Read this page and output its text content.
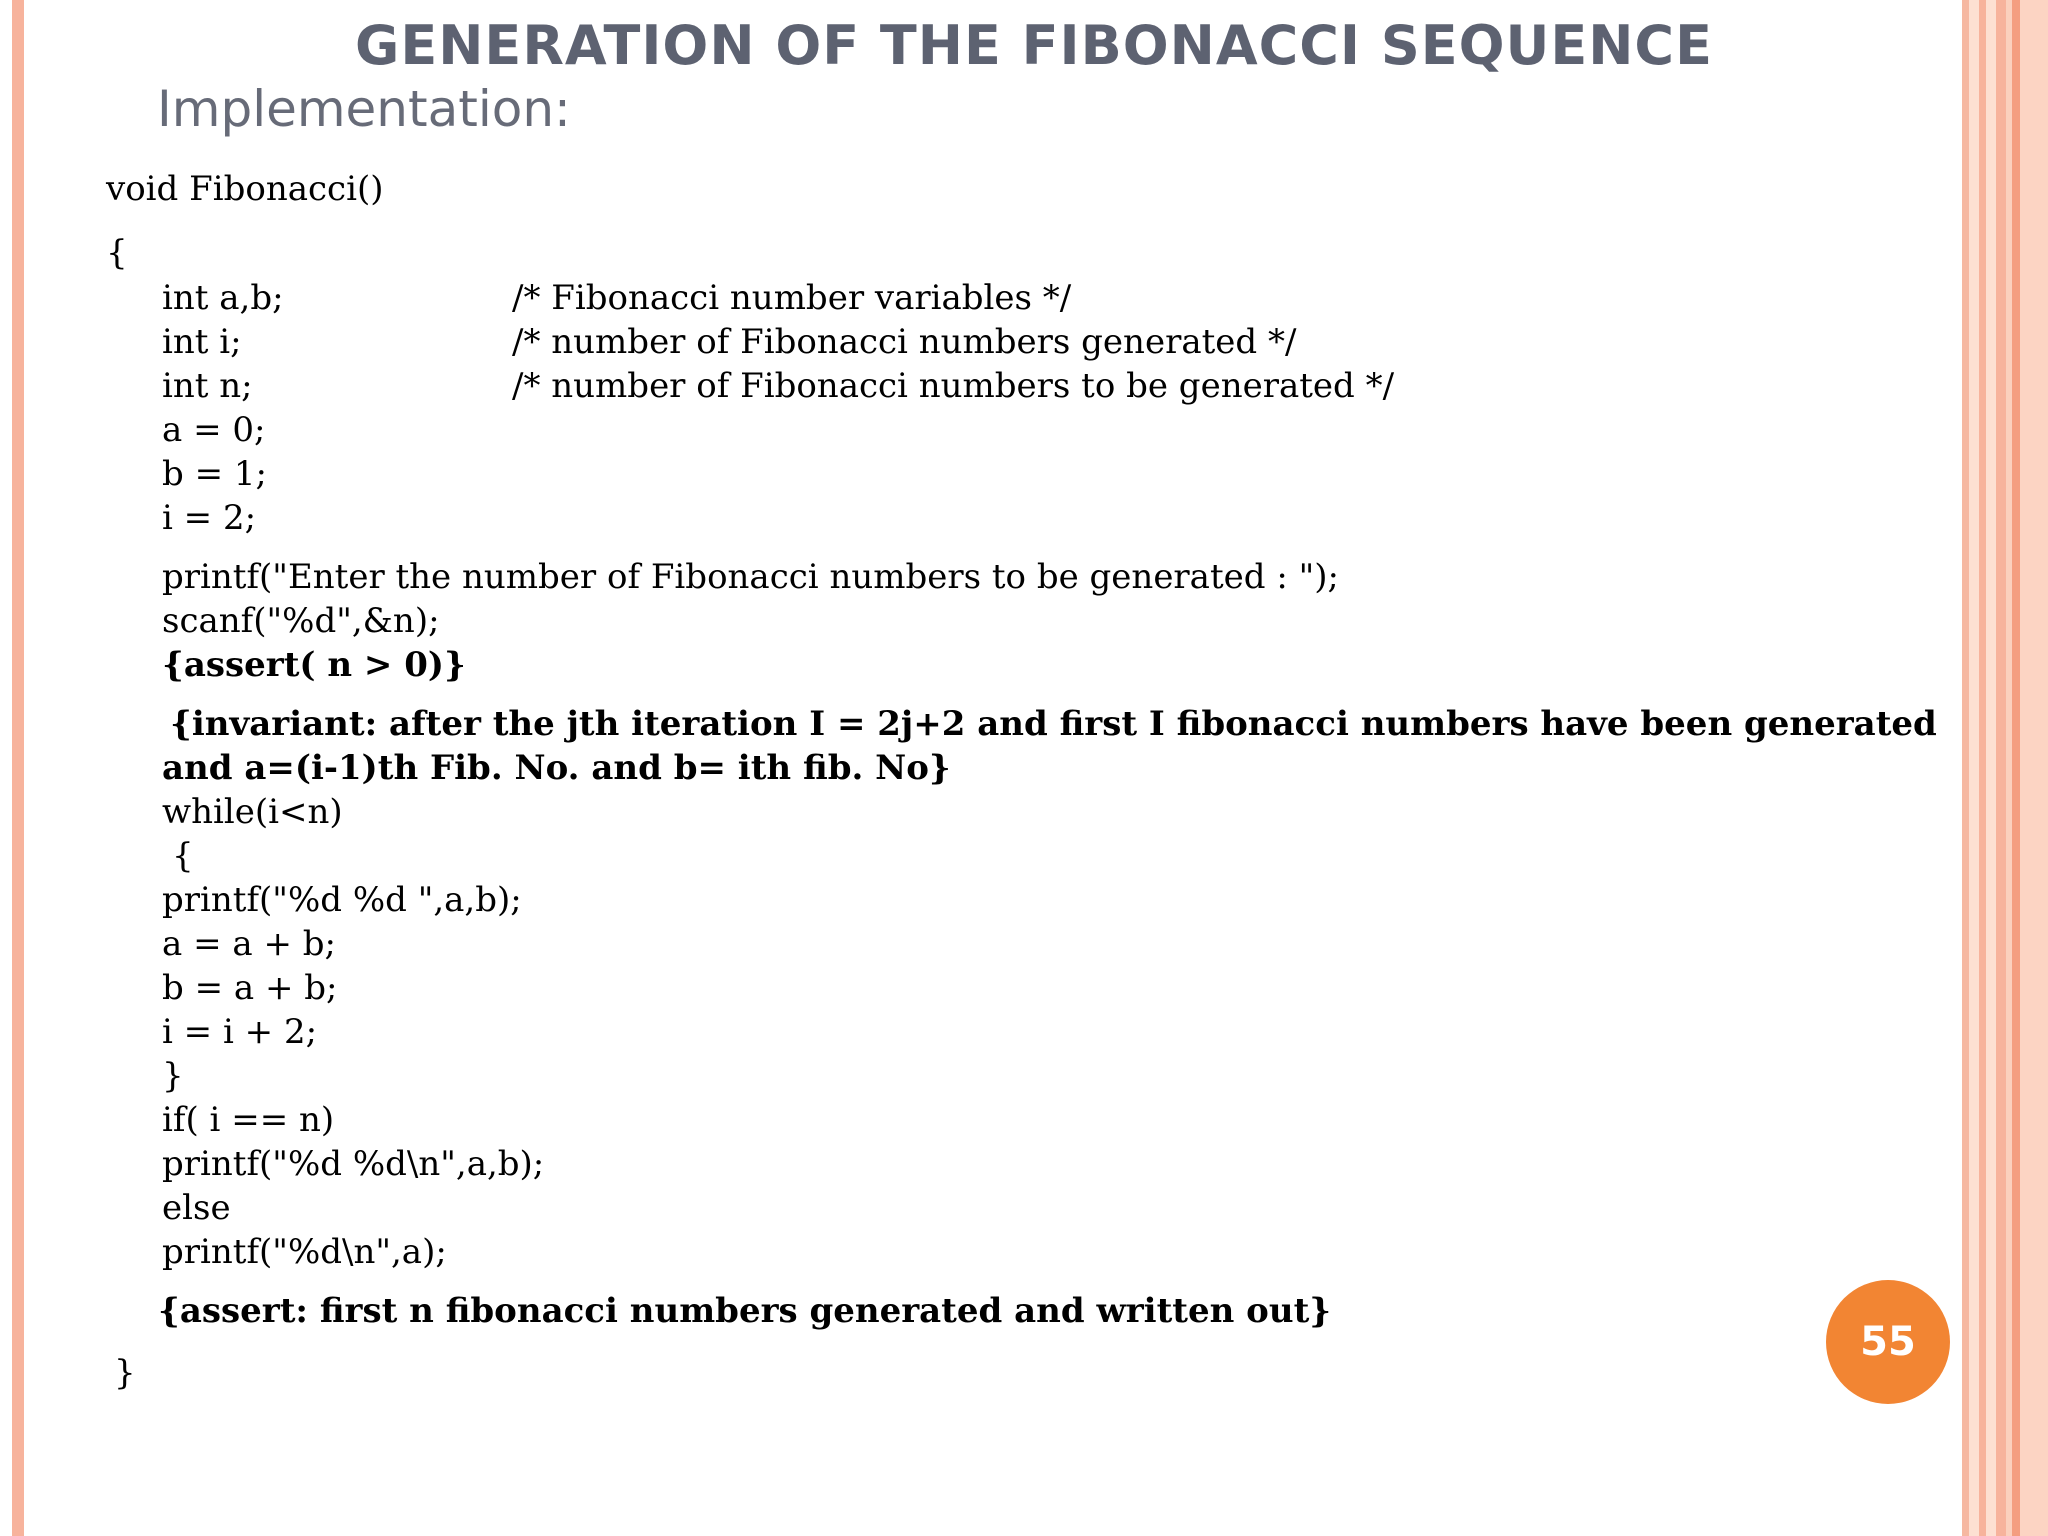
GENERATION OF THE FIBONACCI SEQUENCE
Implementation:
void Fibonacci()
{
int a,b;	/* Fibonacci number variables */
int i;	/* number of Fibonacci numbers generated */
int n;	/* number of Fibonacci numbers to be generated */
a = 0;
b = 1;
i = 2;
printf("Enter the number of Fibonacci numbers to be generated : ");
scanf("%d",&n);
{assert( n > 0)}
{invariant: after the jth iteration I = 2j+2 and first I fibonacci numbers have been generated
and a=(i-1)th Fib. No. and b= ith fib. No}
while(i<n)
{
printf("%d %d ",a,b);
a = a + b;
b = a + b;
i = i + 2;
}
if( i == n)
printf("%d %d\n",a,b);
else
printf("%d\n",a);
{assert: first n fibonacci numbers generated and written out}
}
55
